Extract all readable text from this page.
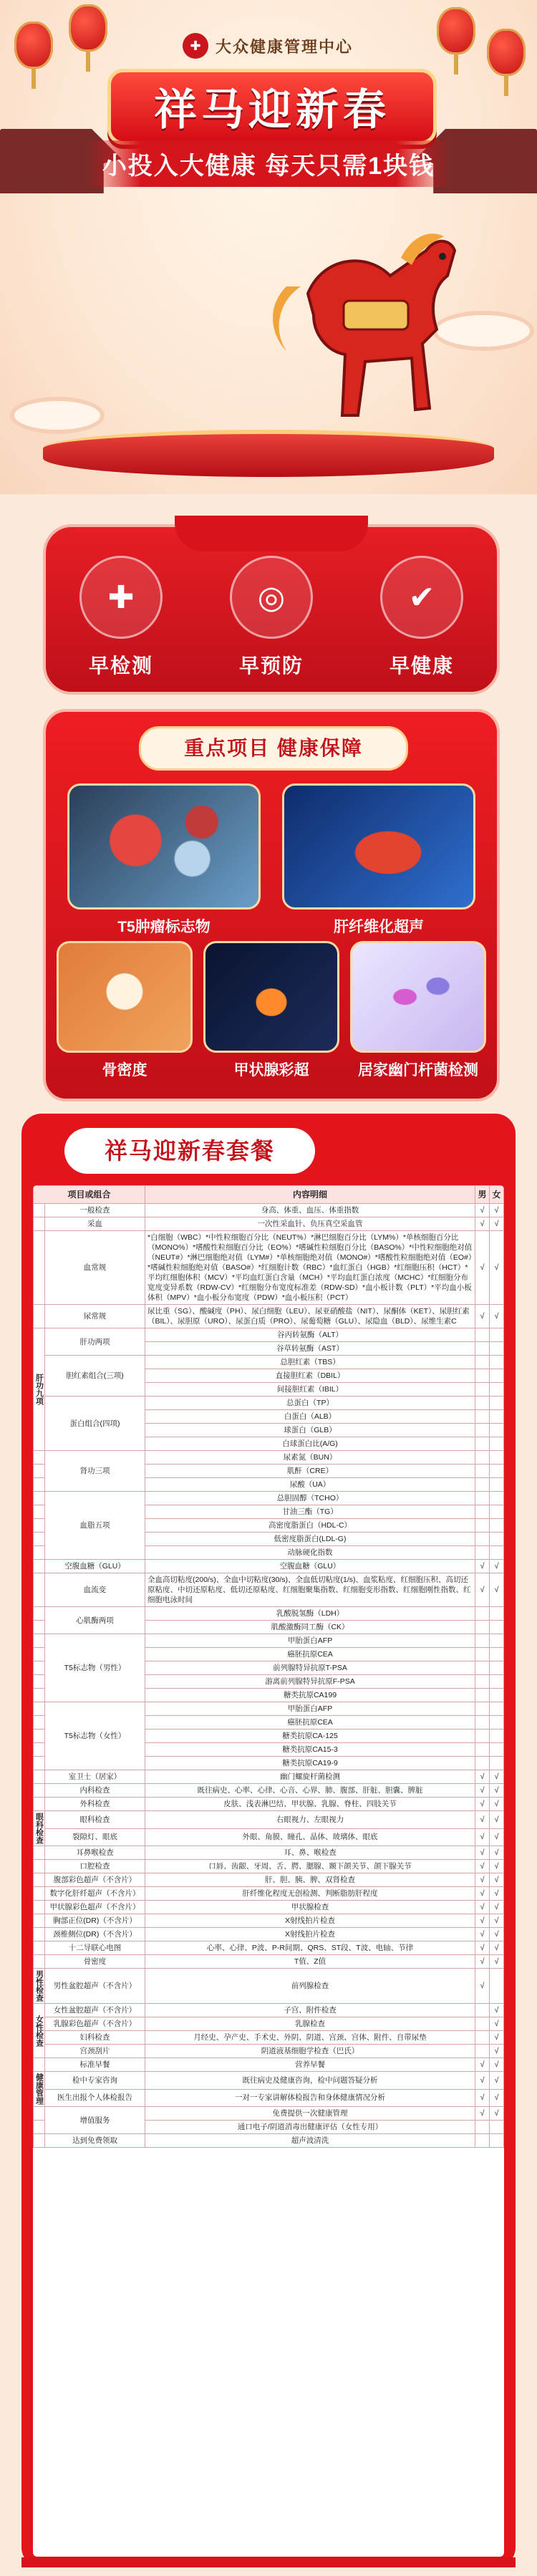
✚ 大众健康管理中心
祥马迎新春
小投入大健康 每天只需1块钱
✚
早检测
◎
早预防
✔
早健康
重点项目 健康保障
T5肿瘤标志物	肝纤维化超声
骨密度	甲状腺彩超	居家幽门杆菌检测
祥马迎新春套餐
项目或组合		内容明细	男	女
	一般检查	身高、体重、血压、体重指数	√	√
	采血	一次性采血针、负压真空采血管	√	√
	血常规	*白细胞（WBC）*中性粒细胞百分比（NEUT%）*淋巴细胞百分比（LYM%）*单核细胞百分比（MONO%）*嗜酸性粒细胞百分比（EO%）*嗜碱性粒细胞百分比（BASO%）*中性粒细胞绝对值（NEUT#）*淋巴细胞绝对值（LYM#）*单核细胞绝对值（MONO#）*嗜酸性粒细胞绝对值（EO#）*嗜碱性粒细胞绝对值（BASO#）*红细胞计数（RBC）*血红蛋白（HGB）*红细胞压积（HCT）*平均红细胞体积（MCV）*平均血红蛋白含量（MCH）*平均血红蛋白浓度（MCHC）*红细胞分布宽度变异系数（RDW-CV）*红细胞分布宽度标准差（RDW-SD）*血小板计数（PLT）*平均血小板体积（MPV）*血小板分布宽度（PDW）*血小板压积（PCT）	√	√
	尿常规	尿比重（SG）、酸碱度（PH）、尿白细胞（LEU）、尿亚硝酸盐（NIT）、尿酮体（KET）、尿胆红素（BIL）、尿胆原（URO）、尿蛋白质（PRO）、尿葡萄糖（GLU）、尿隐血（BLD）、尿维生素C	√	√
肝功九项	肝功两项	谷丙转氨酶（ALT）		
		谷草转氨酶（AST）		
	胆红素组合(三项)	总胆红素（TBS）		
		直接胆红素（DBIL）		
		间接胆红素（IBIL）		
	蛋白组合(四项)	总蛋白（TP）		
		白蛋白（ALB）		
		球蛋白（GLB）		
		白球蛋白比(A/G)		
	肾功三项	尿素氮（BUN）		
		肌酐（CRE）		
		尿酸（UA）		
	血脂五项	总胆固醇（TCHO）		
		甘油三酯（TG）		
		高密度脂蛋白（HDL-C）		
		低密度脂蛋白(LDL-G)		
		动脉硬化指数		
	空腹血糖（GLU）	空腹血糖（GLU）	√	√
	血流变	全血高切粘度(200/s)、全血中切粘度(30/s)、全血低切粘度(1/s)、血浆粘度、红细胞压积、高切还原粘度、中切还原粘度、低切还原粘度、红细胞聚集指数、红细胞变形指数、红细胞刚性指数、红细胞电泳时间	√	√
	心肌酶两项	乳酸脱氢酶（LDH）		
		肌酸激酶同工酶（CK）		
	T5标志物（男性）	甲胎蛋白AFP		
		癌胚抗原CEA		
		前列腺特异抗原T-PSA		
		游离前列腺特异抗原F-PSA		
		糖类抗原CA199		
	T5标志物（女性）	甲胎蛋白AFP		
		癌胚抗原CEA		
		糖类抗原CA-125		
		糖类抗原CA15-3		
		糖类抗原CA19-9		
	室卫士（居家）	幽门螺旋杆菌检测	√	√
	内科检查	既往病史、心率、心律、心音、心界、肺、腹部、肝脏、胆囊、脾脏	√	√
	外科检查	皮肤、浅表淋巴结、甲状腺、乳腺、脊柱、四肢关节	√	√
眼科检查	眼科检查	右眼视力、左眼视力	√	√
	裂隙灯、眼底	外眼、角膜、瞳孔、晶体、玻璃体、眼底	√	√
	耳鼻喉检查	耳、鼻、喉检查	√	√
	口腔检查	口唇、齿龈、牙周、舌、腭、腮腺、颞下颌关节、颌下腺关节	√	√
	腹部彩色超声（不含片）	肝、胆、胰、脾、双肾检查	√	√
	数字化肝纤超声（不含片）	肝纤维化程度无创检测、判断脂肪肝程度	√	√
	甲状腺彩色超声（不含片）	甲状腺检查	√	√
	胸部正位(DR)（不含片）	X射线拍片检查	√	√
	颈椎侧位(DR)（不含片）	X射线拍片检查	√	√
	十二导联心电图	心率、心律、P波、P-R间期、QRS、ST段、T波、电轴、节律	√	√
	骨密度	T值、Z值	√	√
男性检查	男性盆腔超声（不含片）	前列腺检查	√	
女性检查	女性盆腔超声（不含片）	子宫、附件检查		√
	乳腺彩色超声（不含片）	乳腺检查		√
	妇科检查	月经史、孕产史、手术史、外阴、阴道、宫颈、宫体、附件、自带尿垫		√
	宫颈刮片	阴道液基细胞学检查（巴氏）		√
	标准早餐	营养早餐	√	√
健康管理	检中专家咨询	既往病史及健康咨询，检中问题答疑分析	√	√
	医生出报个人体检报告	一对一专家讲解体检报告和身体健康情况分析	√	√
	增值服务	免费提供一次健康管理	√	√
		通口电子/阴道消毒出健康评估（女性专用）		
	达到免费领取	超声波清洗		
